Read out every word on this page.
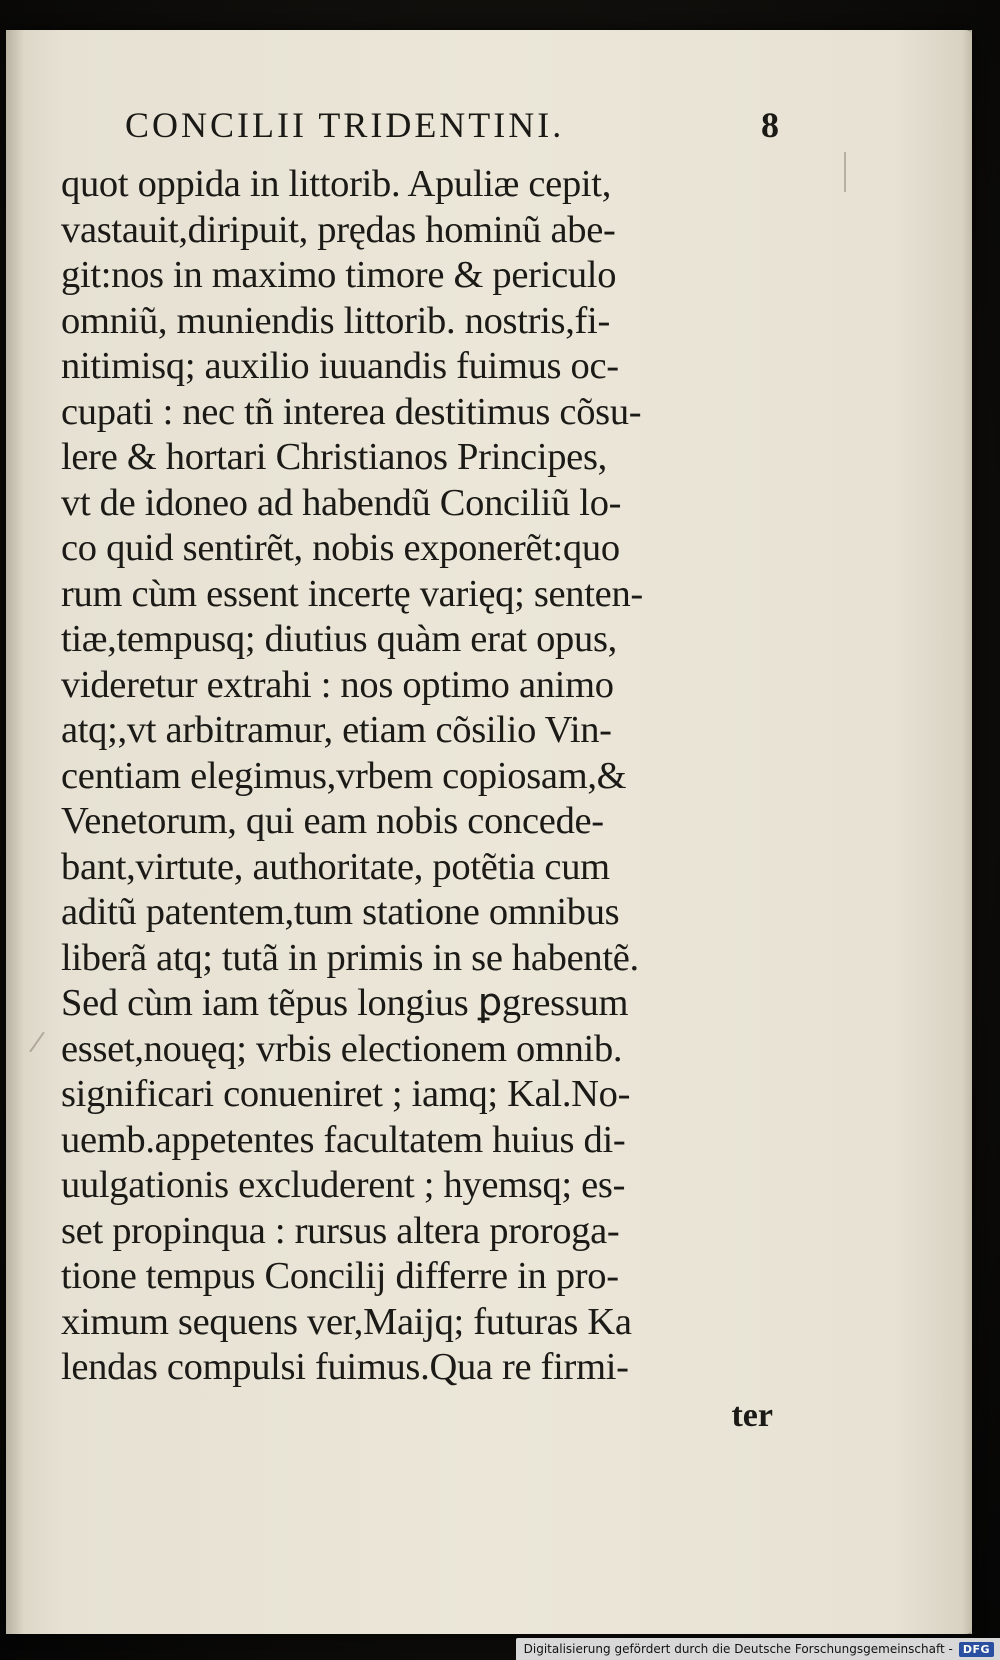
CONCILII TRIDENTINI.	8
quot oppida in littorib. Apuliæ cepit,
vastauit,diripuit, prędas hominũ abe-
git:nos in maximo timore & periculo
omniũ, muniendis littorib. nostris,fi-
nitimisq; auxilio iuuandis fuimus oc-
cupati : nec tñ interea destitimus cõsu-
lere & hortari Christianos Principes,
vt de idoneo ad habendũ Conciliũ lo-
co quid sentirẽt, nobis exponerẽt:quo
rum cùm essent incertę varięq; senten-
tiæ,tempusq; diutius quàm erat opus,
videretur extrahi : nos optimo animo
atq;,vt arbitramur, etiam cõsilio Vin-
centiam elegimus,vrbem copiosam,&
Venetorum, qui eam nobis concede-
bant,virtute, authoritate, potẽtia cum
aditũ patentem,tum statione omnibus
liberã atq; tutã in primis in se habentẽ.
Sed cùm iam tẽpus longius ꝑgressum
esset,nouęq; vrbis electionem omnib.
significari conueniret ; iamq; Kal.No-
uemb.appetentes facultatem huius di-
uulgationis excluderent ; hyemsq; es-
set propinqua : rursus altera proroga-
tione tempus Concilij differre in pro-
ximum sequens ver,Maijq; futuras Ka
lendas compulsi fuimus.Qua re firmi-
ter
Digitalisierung gefördert durch die Deutsche Forschungsgemeinschaft - DFG
